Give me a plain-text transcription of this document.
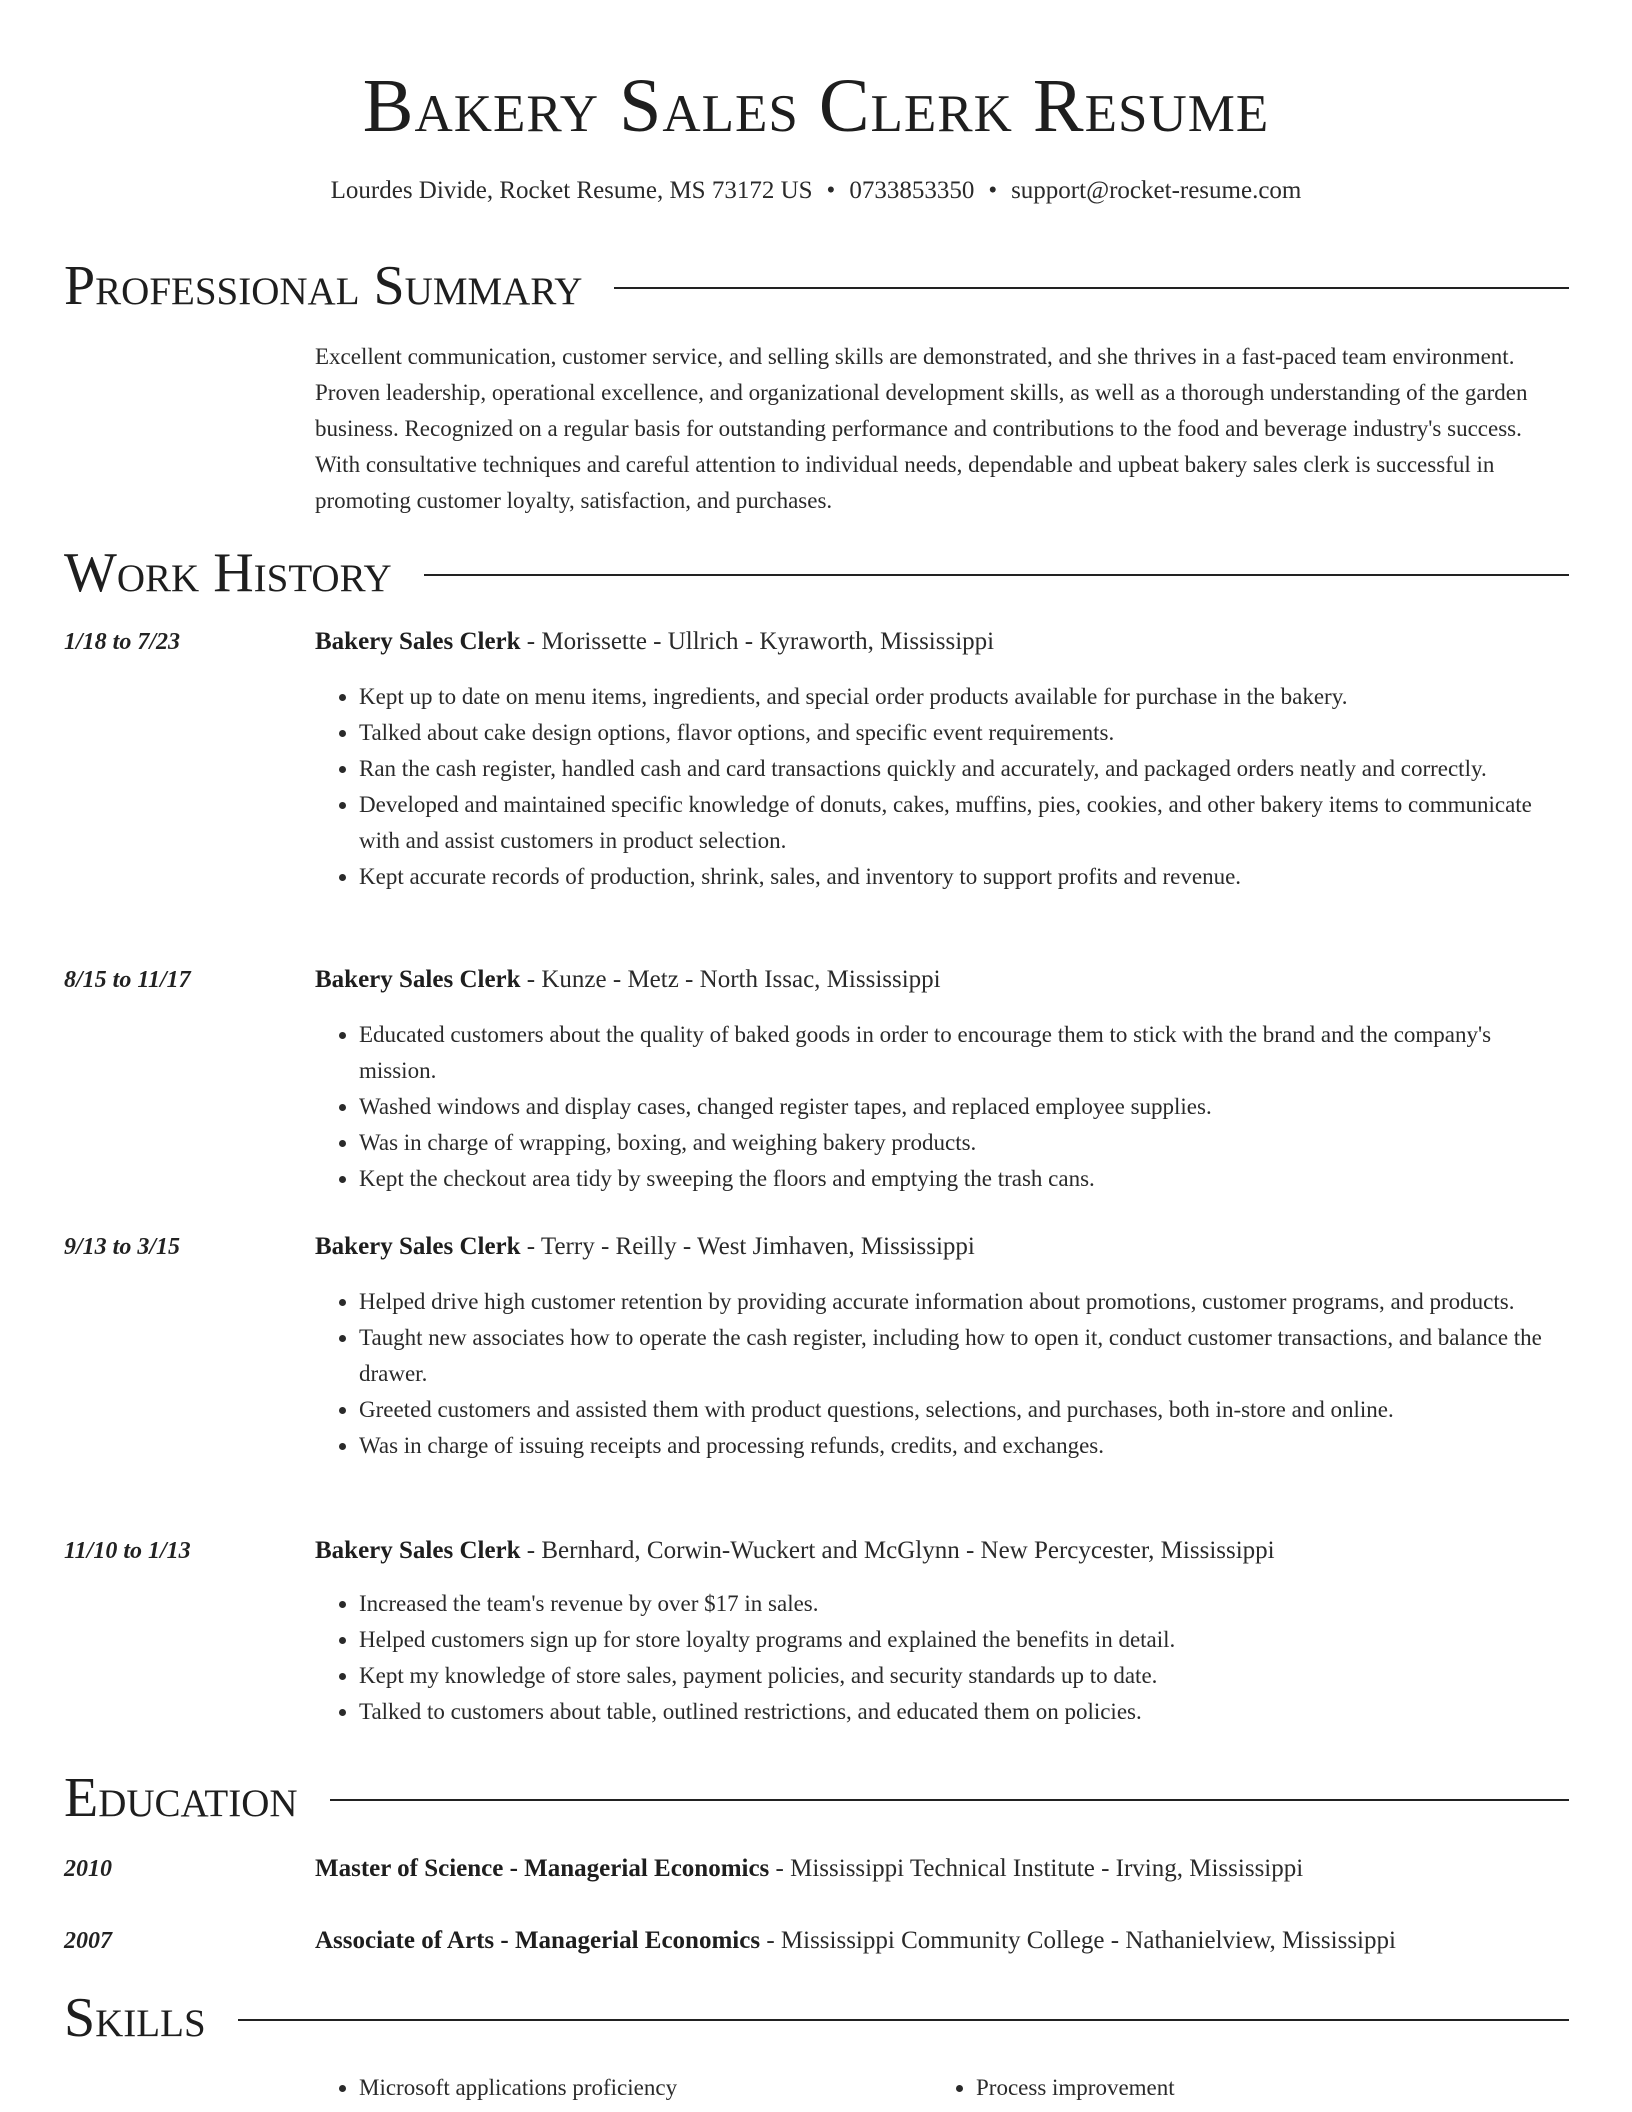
Bakery Sales Clerk Resume
Lourdes Divide, Rocket Resume, MS 73172 US • 0733853350 • support@rocket-resume.com
Professional Summary
Excellent communication, customer service, and selling skills are demonstrated, and she thrives in a fast-paced team environment. Proven leadership, operational excellence, and organizational development skills, as well as a thorough understanding of the garden business. Recognized on a regular basis for outstanding performance and contributions to the food and beverage industry's success. With consultative techniques and careful attention to individual needs, dependable and upbeat bakery sales clerk is successful in promoting customer loyalty, satisfaction, and purchases.
Work History
1/18 to 7/23	Bakery Sales Clerk - Morissette - Ullrich - Kyraworth, Mississippi
• Kept up to date on menu items, ingredients, and special order products available for purchase in the bakery.
• Talked about cake design options, flavor options, and specific event requirements.
• Ran the cash register, handled cash and card transactions quickly and accurately, and packaged orders neatly and correctly.
• Developed and maintained specific knowledge of donuts, cakes, muffins, pies, cookies, and other bakery items to communicate with and assist customers in product selection.
• Kept accurate records of production, shrink, sales, and inventory to support profits and revenue.
8/15 to 11/17	Bakery Sales Clerk - Kunze - Metz - North Issac, Mississippi
• Educated customers about the quality of baked goods in order to encourage them to stick with the brand and the company's mission.
• Washed windows and display cases, changed register tapes, and replaced employee supplies.
• Was in charge of wrapping, boxing, and weighing bakery products.
• Kept the checkout area tidy by sweeping the floors and emptying the trash cans.
9/13 to 3/15	Bakery Sales Clerk - Terry - Reilly - West Jimhaven, Mississippi
• Helped drive high customer retention by providing accurate information about promotions, customer programs, and products.
• Taught new associates how to operate the cash register, including how to open it, conduct customer transactions, and balance the drawer.
• Greeted customers and assisted them with product questions, selections, and purchases, both in-store and online.
• Was in charge of issuing receipts and processing refunds, credits, and exchanges.
11/10 to 1/13	Bakery Sales Clerk - Bernhard, Corwin-Wuckert and McGlynn - New Percycester, Mississippi
• Increased the team's revenue by over $17 in sales.
• Helped customers sign up for store loyalty programs and explained the benefits in detail.
• Kept my knowledge of store sales, payment policies, and security standards up to date.
• Talked to customers about table, outlined restrictions, and educated them on policies.
Education
2010	Master of Science - Managerial Economics - Mississippi Technical Institute - Irving, Mississippi
2007	Associate of Arts - Managerial Economics - Mississippi Community College - Nathanielview, Mississippi
Skills
• Microsoft applications proficiency
•	Process improvement
